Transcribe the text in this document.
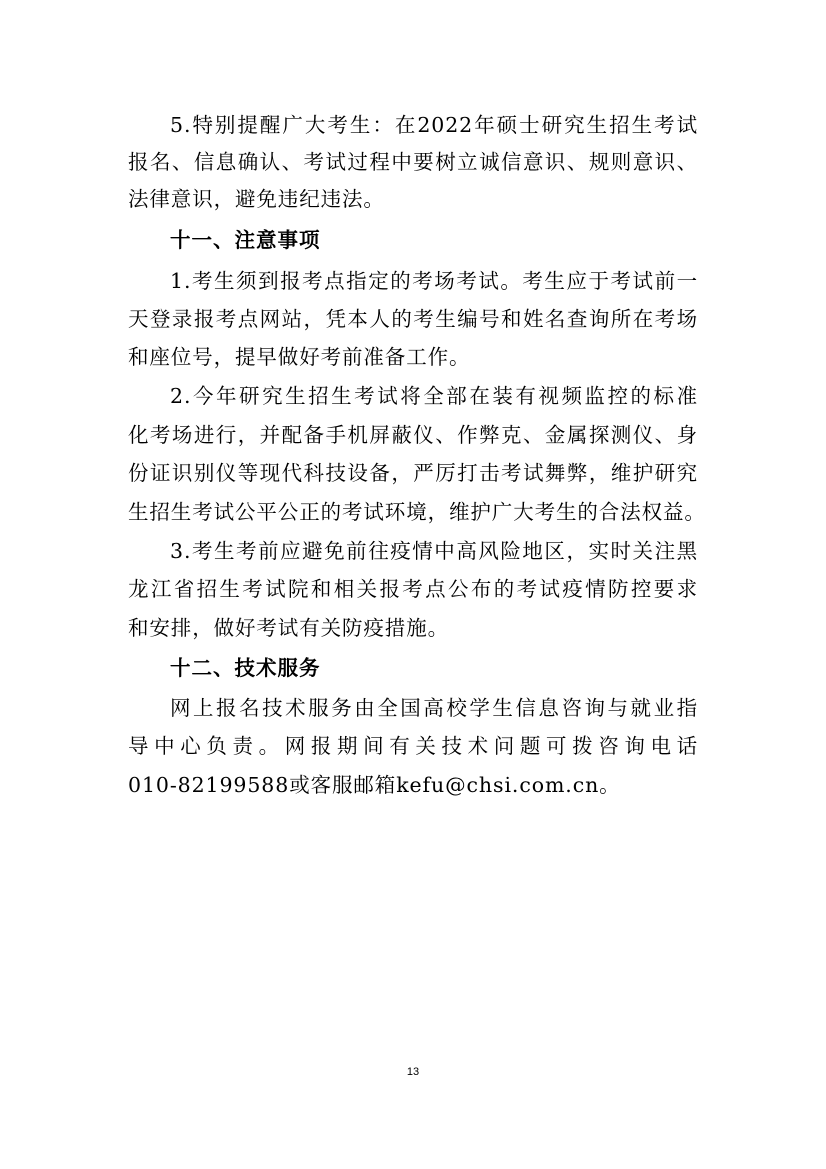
5.特别提醒广大考生：在2022年硕士研究生招生考试
报名、信息确认、考试过程中要树立诚信意识、规则意识、
法律意识，避免违纪违法。
十一、注意事项
1.考生须到报考点指定的考场考试。考生应于考试前一
天登录报考点网站，凭本人的考生编号和姓名查询所在考场
和座位号，提早做好考前准备工作。
2.今年研究生招生考试将全部在装有视频监控的标准
化考场进行，并配备手机屏蔽仪、作弊克、金属探测仪、身
份证识别仪等现代科技设备，严厉打击考试舞弊，维护研究
生招生考试公平公正的考试环境，维护广大考生的合法权益。
3.考生考前应避免前往疫情中高风险地区，实时关注黑
龙江省招生考试院和相关报考点公布的考试疫情防控要求
和安排，做好考试有关防疫措施。
十二、技术服务
网上报名技术服务由全国高校学生信息咨询与就业指
导中心负责。网报期间有关技术问题可拨咨询电话
010-82199588或客服邮箱kefu@chsi.com.cn。
13
